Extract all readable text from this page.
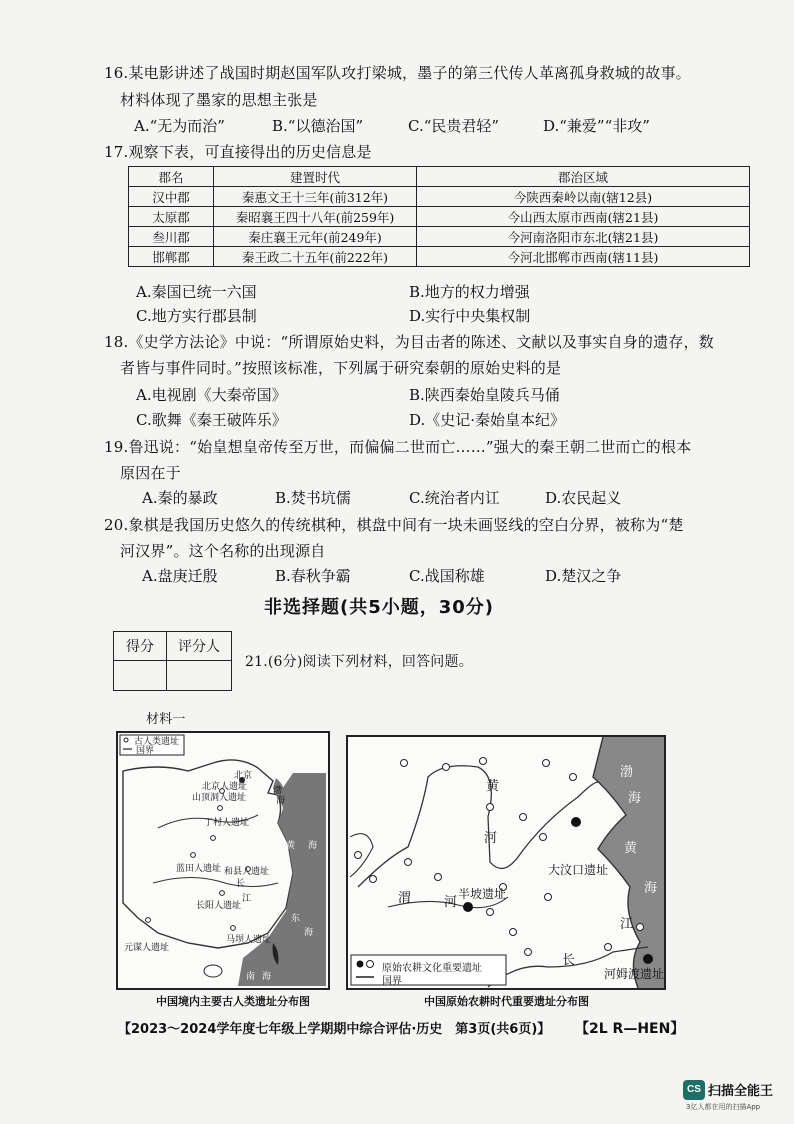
16.某电影讲述了战国时期赵国军队攻打梁城，墨子的第三代传人革离孤身救城的故事。
材料体现了墨家的思想主张是
A.“无为而治”	B.“以德治国”	C.“民贵君轻”	D.“兼爱”“非攻”
17.观察下表，可直接得出的历史信息是
郡名	建置时代	郡治区域
汉中郡	秦惠文王十三年(前312年)	今陕西秦岭以南(辖12县)
太原郡	秦昭襄王四十八年(前259年)	今山西太原市西南(辖21县)
叁川郡	秦庄襄王元年(前249年)	今河南洛阳市东北(辖21县)
邯郸郡	秦王政二十五年(前222年)	今河北邯郸市西南(辖11县)
A.秦国已统一六国	B.地方的权力增强
C.地方实行郡县制	D.实行中央集权制
18.《史学方法论》中说：“所谓原始史料，为目击者的陈述、文献以及事实自身的遗存，数
者皆与事件同时。”按照该标准，下列属于研究秦朝的原始史料的是
A.电视剧《大秦帝国》	B.陕西秦始皇陵兵马俑
C.歌舞《秦王破阵乐》	D.《史记·秦始皇本纪》
19.鲁迅说：“始皇想皇帝传至万世，而偏偏二世而亡……”强大的秦王朝二世而亡的根本
原因在于
A.秦的暴政	B.焚书坑儒	C.统治者内讧	D.农民起义
20.象棋是我国历史悠久的传统棋种，棋盘中间有一块未画竖线的空白分界，被称为“楚
河汉界”。这个名称的出现源自
A.盘庚迁殷	B.春秋争霸	C.战国称雄	D.楚汉之争
非选择题(共5小题，30分)
得分	评分人

21.(6分)阅读下列材料，回答问题。
材料一
古人类遗址
国界
北京
北京人遗址
山顶洞人遗址
丁村人遗址
蓝田人遗址 和县人遗址
长阳人遗址
元谋人遗址
马坝人遗址
渤
海
黄 海
长
江
东
海
南 海
中国境内主要古人类遗址分布图
黄
河
渭	河
长
江
渤
海
黄
海
半坡遗址
大汶口遗址
河姆渡遗址
原始农耕文化重要遗址
国界
中国原始农耕时代重要遗址分布图
【2023～2024学年度七年级上学期期中综合评估·历史　第3页(共6页)】 【2L R—HEN】
CS 扫描全能王
3亿人都在用的扫描App
